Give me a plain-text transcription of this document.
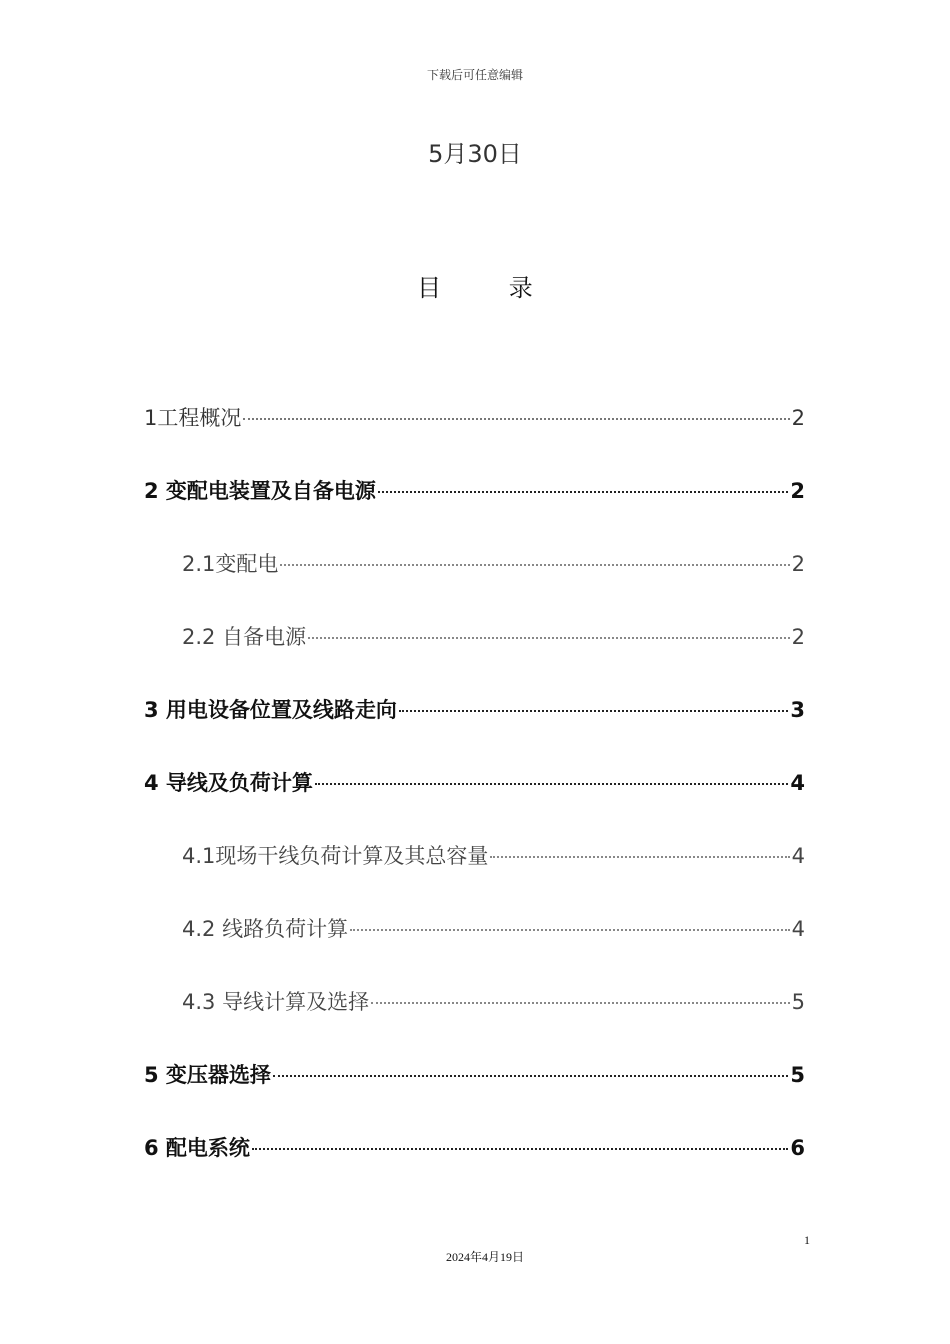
下载后可任意编辑
5月30日
目 录
1工程概况	2
2 变配电装置及自备电源	2
2.1变配电	2
2.2 自备电源	2
3 用电设备位置及线路走向	3
4 导线及负荷计算	4
4.1现场干线负荷计算及其总容量	4
4.2 线路负荷计算	4
4.3 导线计算及选择	5
5 变压器选择	5
6 配电系统	6
1
2024年4月19日
